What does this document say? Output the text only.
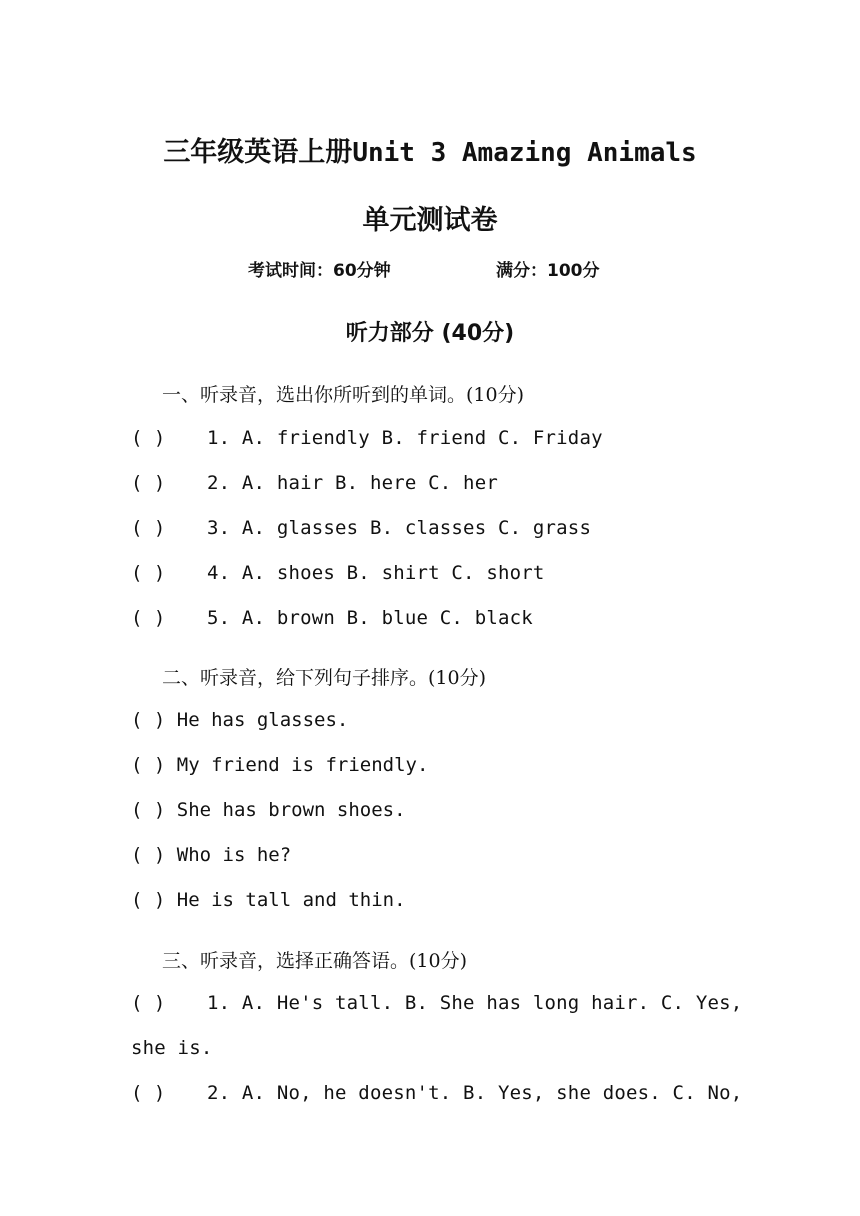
三年级英语上册Unit 3 Amazing Animals
单元测试卷
考试时间：60分钟	满分：100分
听力部分 (40分)
一、听录音，选出你所听到的单词。(10分)
( ) 1. A. friendly B. friend C. Friday
( ) 2. A. hair B. here C. her
( ) 3. A. glasses B. classes C. grass
( ) 4. A. shoes B. shirt C. short
( ) 5. A. brown B. blue C. black
二、听录音，给下列句子排序。(10分)
( ) He has glasses.
( ) My friend is friendly.
( ) She has brown shoes.
( ) Who is he?
( ) He is tall and thin.
三、听录音，选择正确答语。(10分)
( ) 1. A. He's tall. B. She has long hair. C. Yes,
she is.
( ) 2. A. No, he doesn't. B. Yes, she does. C. No,
